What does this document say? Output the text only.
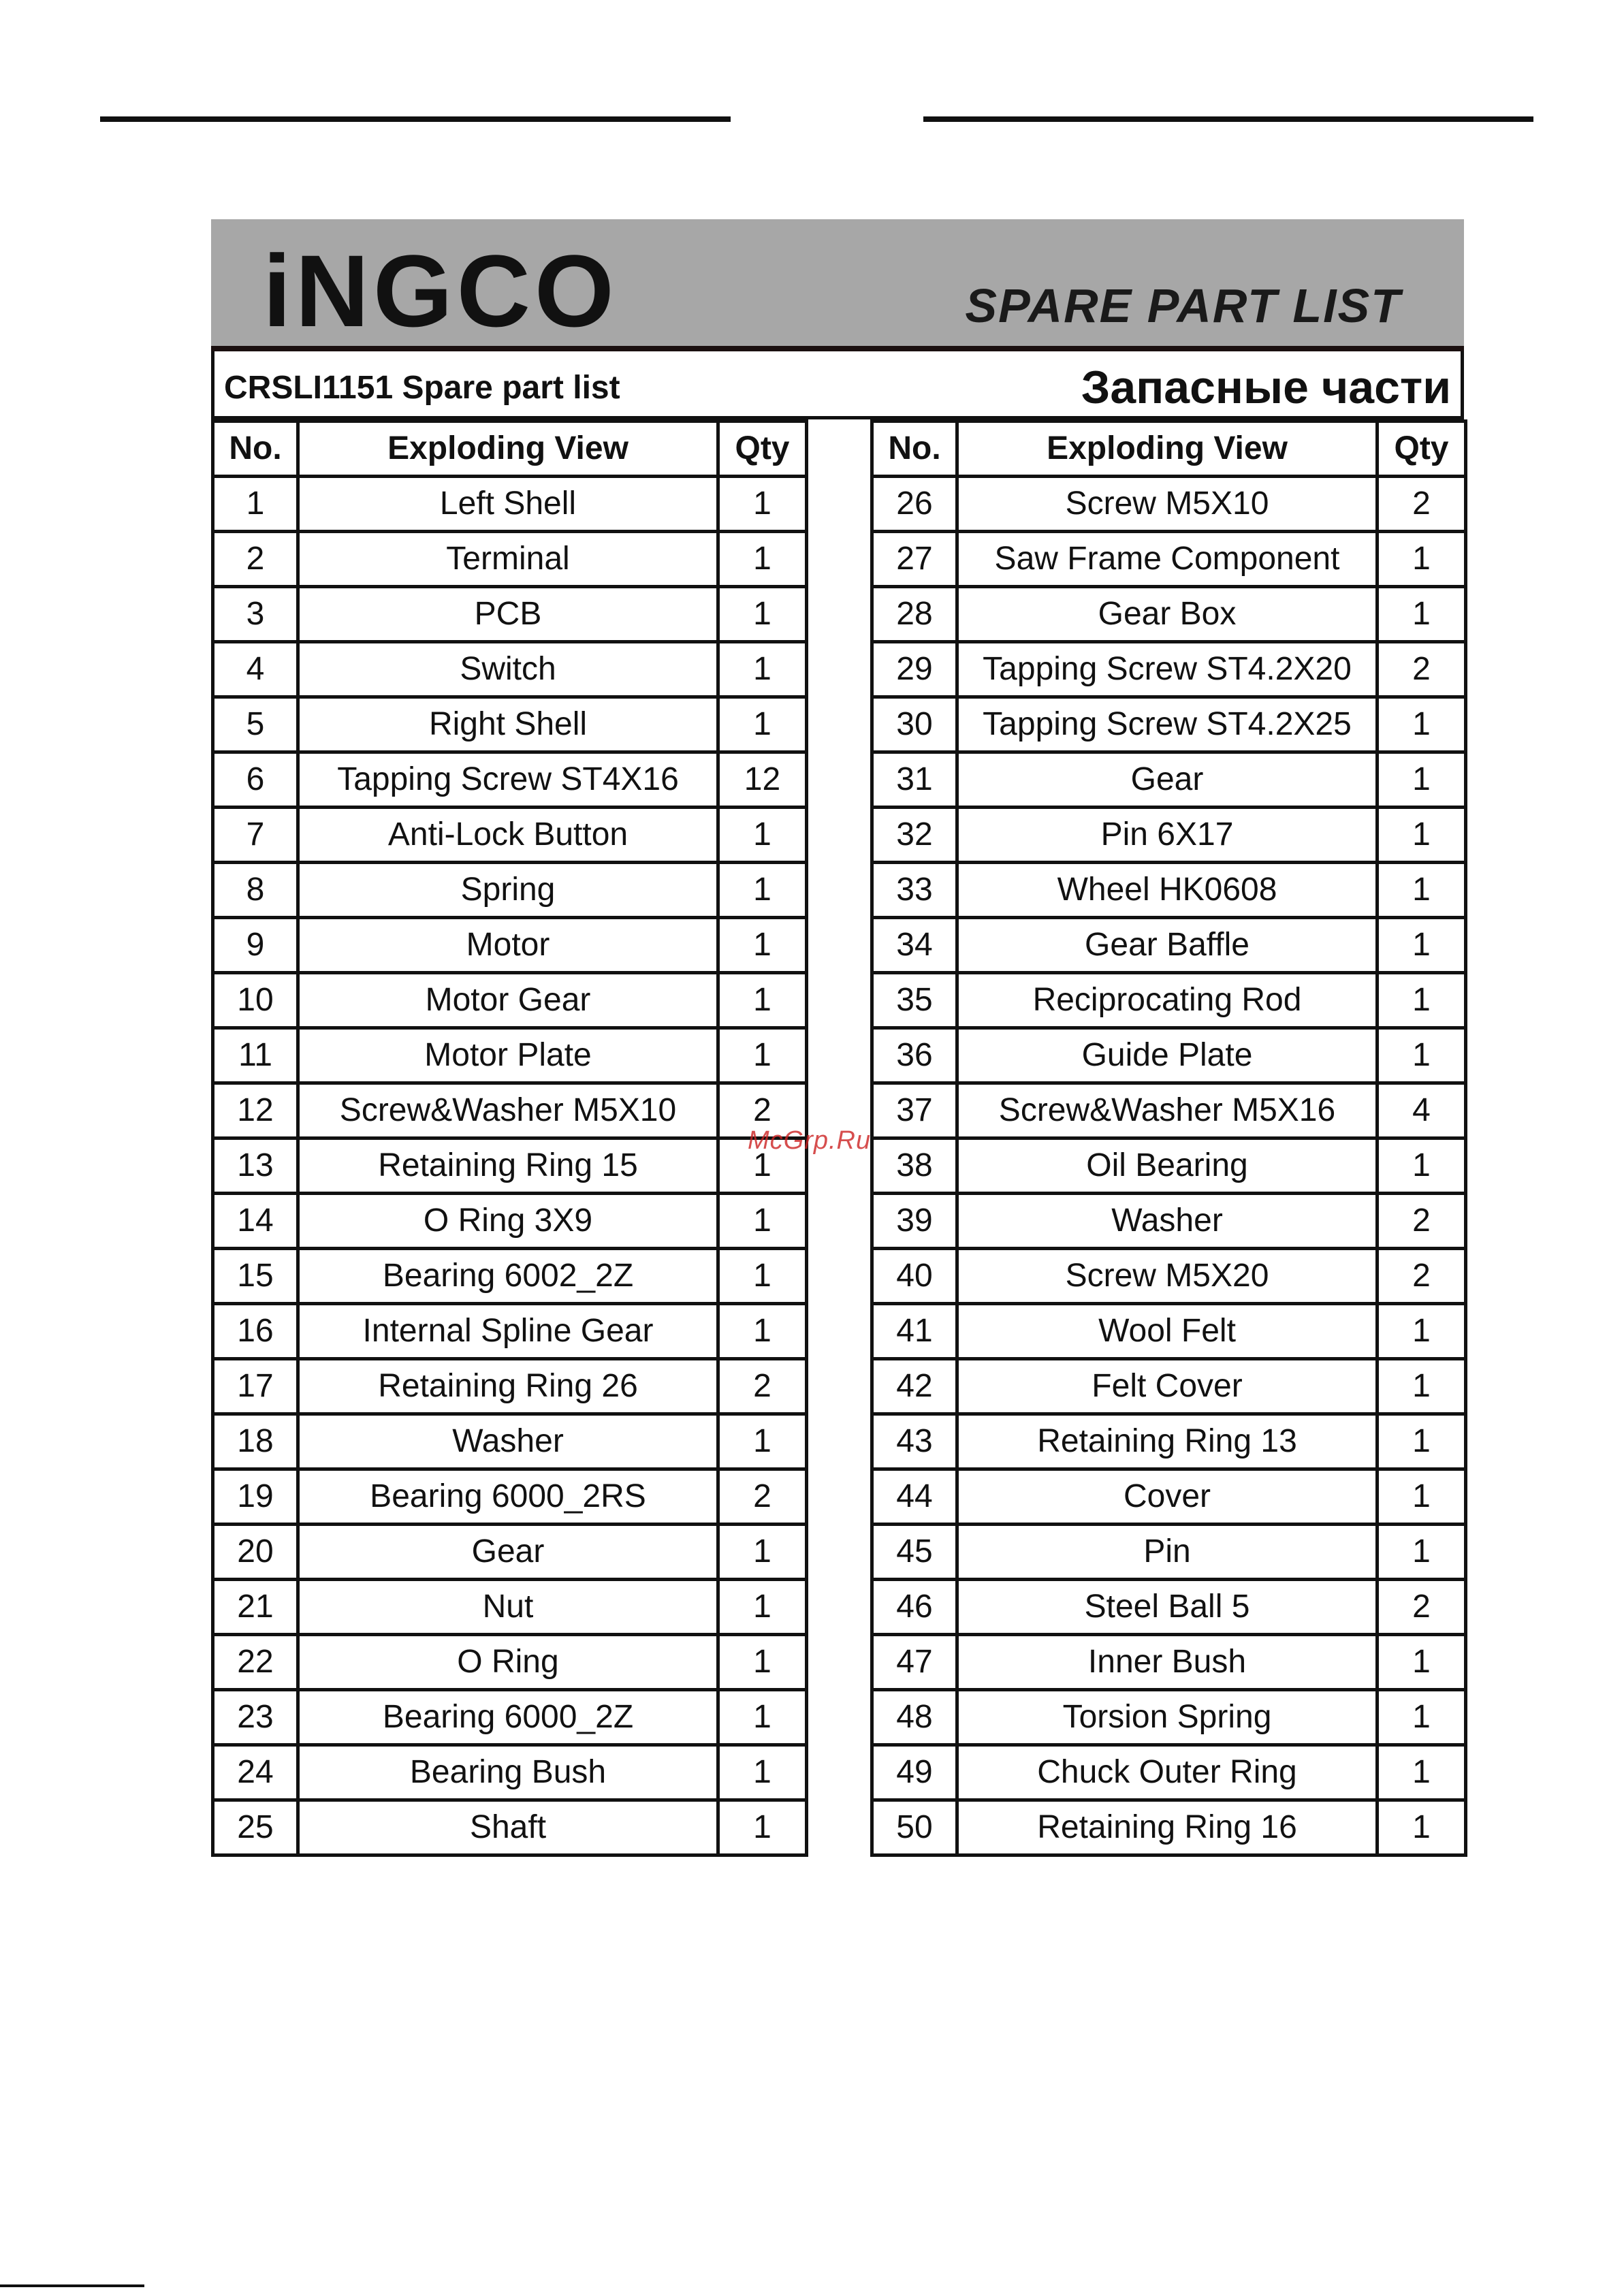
iNGCO	SPARE PART LIST
CRSLI1151 Spare part list	Запасные части
No.	Exploding View	Qty
1	Left Shell	1
2	Terminal	1
3	PCB	1
4	Switch	1
5	Right Shell	1
6	Tapping Screw ST4X16	12
7	Anti-Lock Button	1
8	Spring	1
9	Motor	1
10	Motor Gear	1
11	Motor Plate	1
12	Screw&Washer M5X10	2
13	Retaining Ring 15	1
14	O Ring 3X9	1
15	Bearing 6002_2Z	1
16	Internal Spline Gear	1
17	Retaining Ring 26	2
18	Washer	1
19	Bearing 6000_2RS	2
20	Gear	1
21	Nut	1
22	O Ring	1
23	Bearing 6000_2Z	1
24	Bearing Bush	1
25	Shaft	1
No.	Exploding View	Qty
26	Screw M5X10	2
27	Saw Frame Component	1
28	Gear Box	1
29	Tapping Screw ST4.2X20	2
30	Tapping Screw ST4.2X25	1
31	Gear	1
32	Pin 6X17	1
33	Wheel HK0608	1
34	Gear Baffle	1
35	Reciprocating Rod	1
36	Guide Plate	1
37	Screw&Washer M5X16	4
38	Oil Bearing	1
39	Washer	2
40	Screw M5X20	2
41	Wool Felt	1
42	Felt Cover	1
43	Retaining Ring 13	1
44	Cover	1
45	Pin	1
46	Steel Ball 5	2
47	Inner Bush	1
48	Torsion Spring	1
49	Chuck Outer Ring	1
50	Retaining Ring 16	1
McGrp.Ru
